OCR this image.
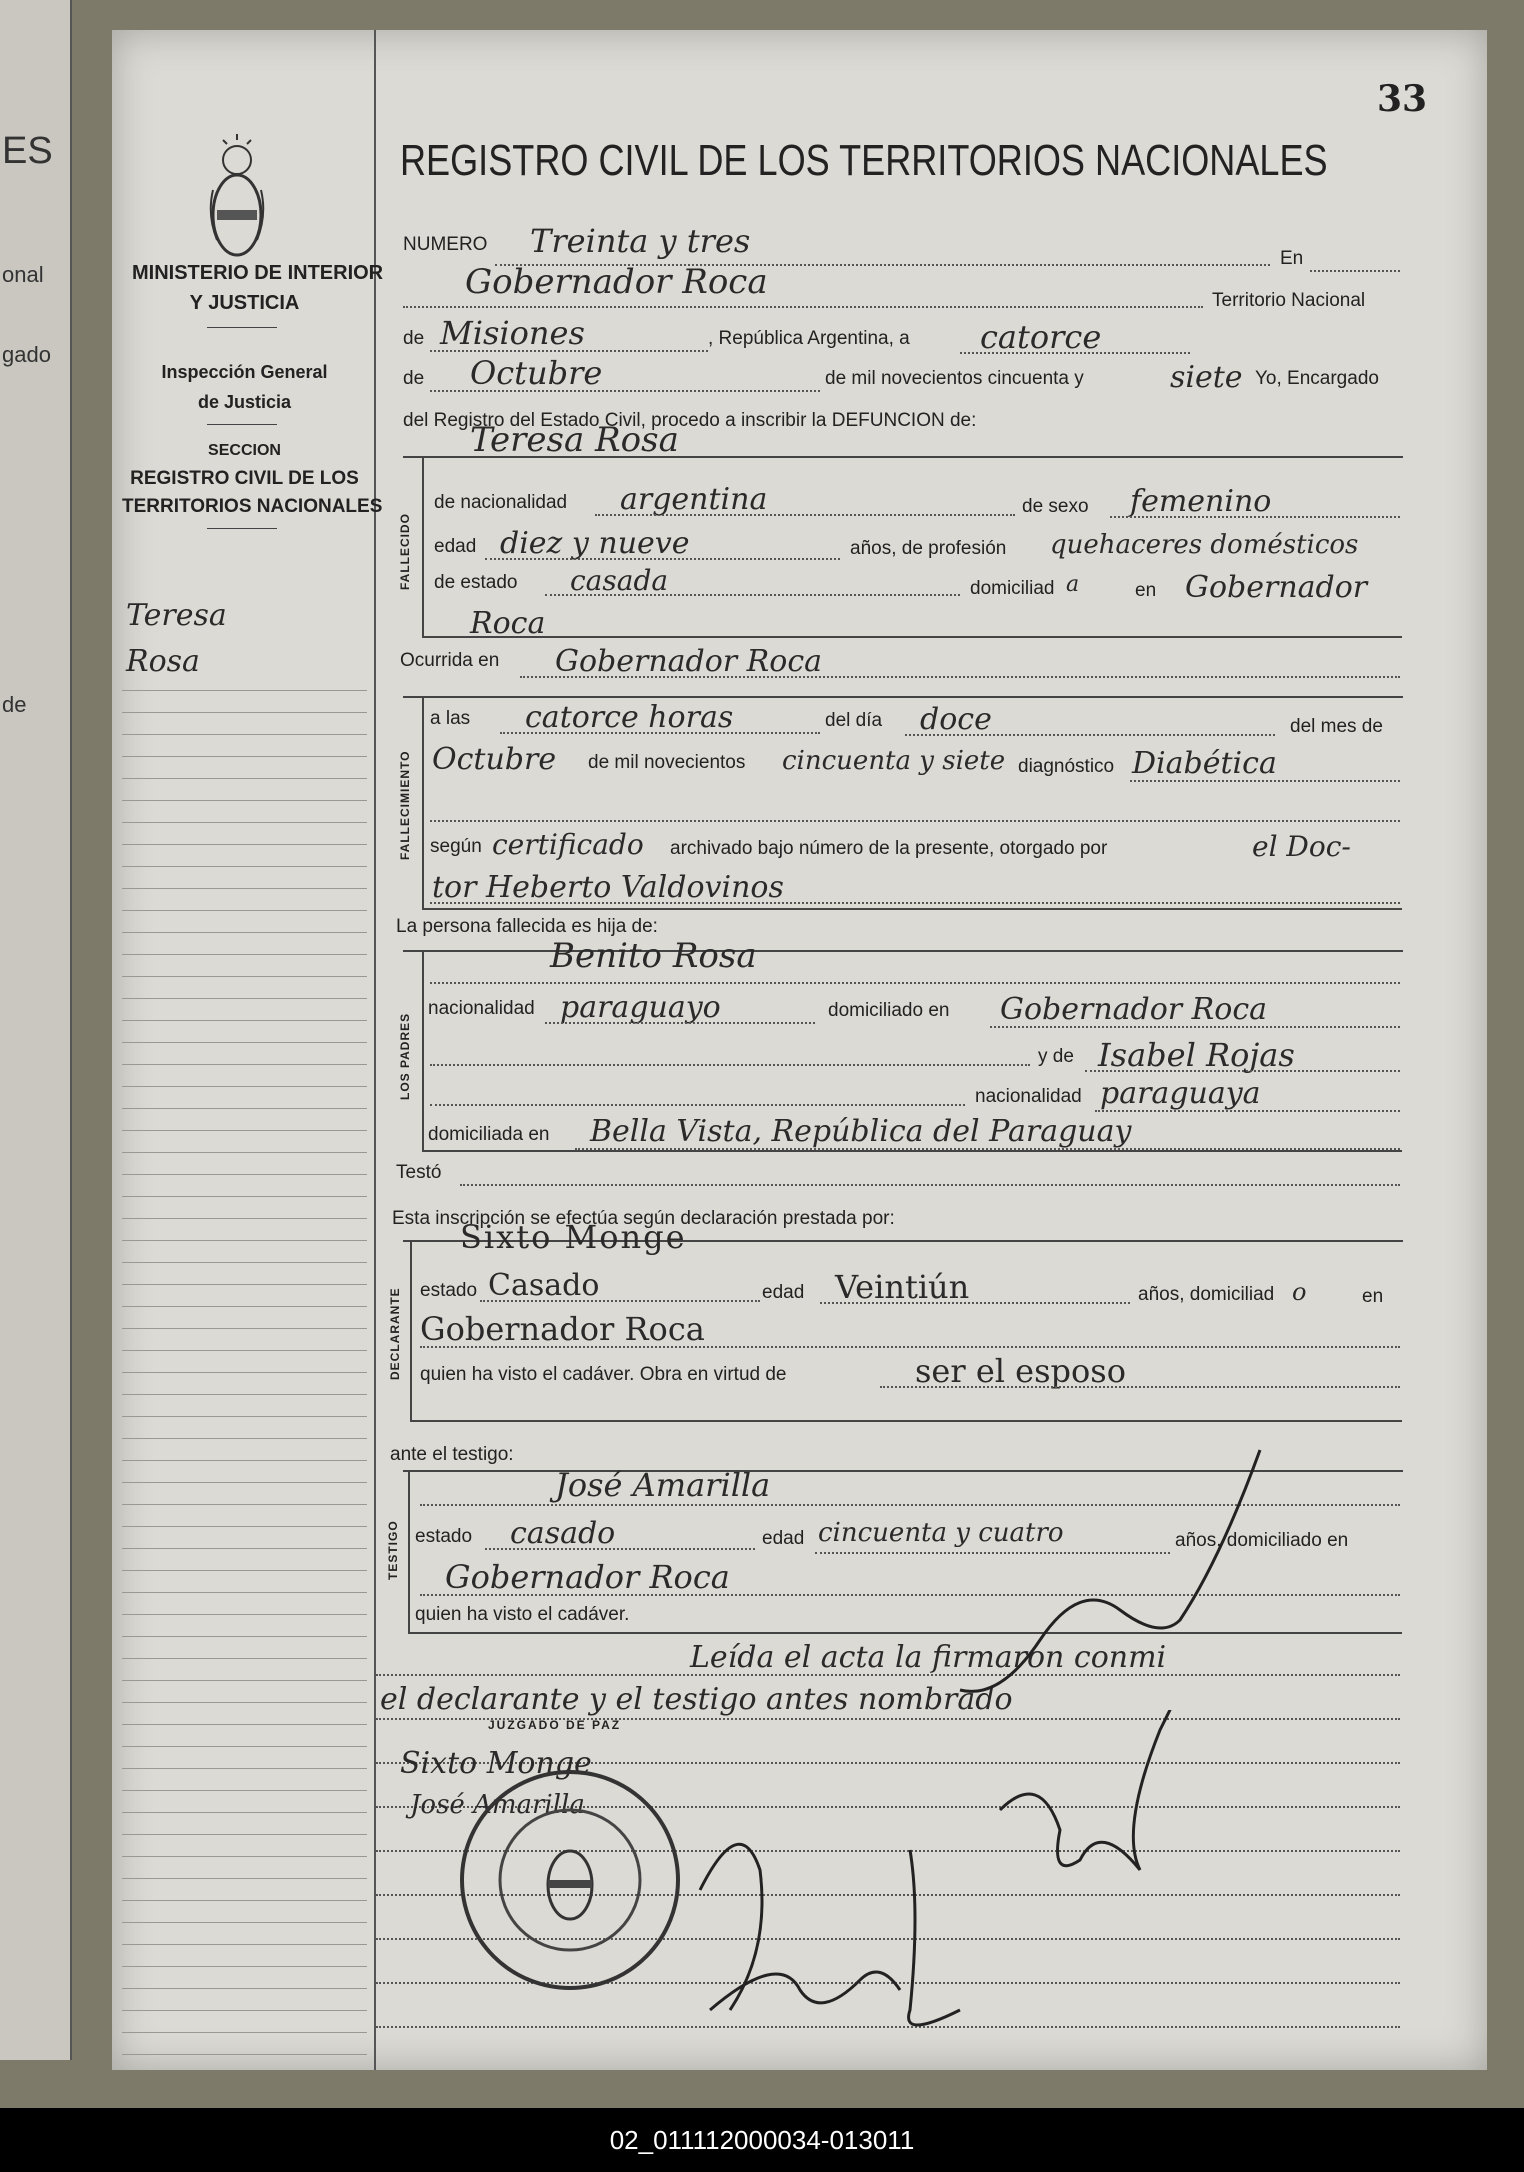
ES
onal
gado
de
MINISTERIO DE INTERIOR
Y JUSTICIA
Inspección General
de Justicia
SECCION
REGISTRO CIVIL DE LOS
TERRITORIOS NACIONALES
Teresa
Rosa
33
REGISTRO CIVIL DE LOS TERRITORIOS NACIONALES
NUMERO Treinta y tres	En
Gobernador Roca	Territorio Nacional
de Misiones	, República Argentina, a catorce
de Octubre	de mil novecientos cincuenta y	siete Yo, Encargado
del Registro del Estado Civil, procedo a inscribir la DEFUNCION de:
FALLECIDO
Teresa Rosa
de nacionalidad argentina	de sexo femenino
edad diez y nueve	años, de profesión quehaceres domésticos
de estado casada	domiciliad a	en Gobernador
Roca
Ocurrida en Gobernador Roca
FALLECIMIENTO
a las catorce horas	del día doce	del mes de
Octubre de mil novecientos cincuenta y siete diagnóstico Diabética
según certificado archivado bajo número de la presente, otorgado por	el Doc-
tor Heberto Valdovinos
La persona fallecida es hija de:
LOS PADRES
Benito Rosa
nacionalidad paraguayo	domiciliado en Gobernador Roca
y de Isabel Rojas
nacionalidad paraguaya
domiciliada en Bella Vista, República del Paraguay
Testó
Esta inscripción se efectúa según declaración prestada por:
DECLARANTE
Sixto Monge
estado Casado	edad Veintiún	años, domiciliad o	en
Gobernador Roca
quien ha visto el cadáver. Obra en virtud de	ser el esposo
ante el testigo:
TESTIGO
José Amarilla
estado casado	edad cincuenta y cuatro	años, domiciliado en
Gobernador Roca
quien ha visto el cadáver.
Leída el acta la firmaron conmi
el declarante y el testigo antes nombrado
Sixto Monge
José Amarilla
JUZGADO DE PAZ
02_011112000034-013011
